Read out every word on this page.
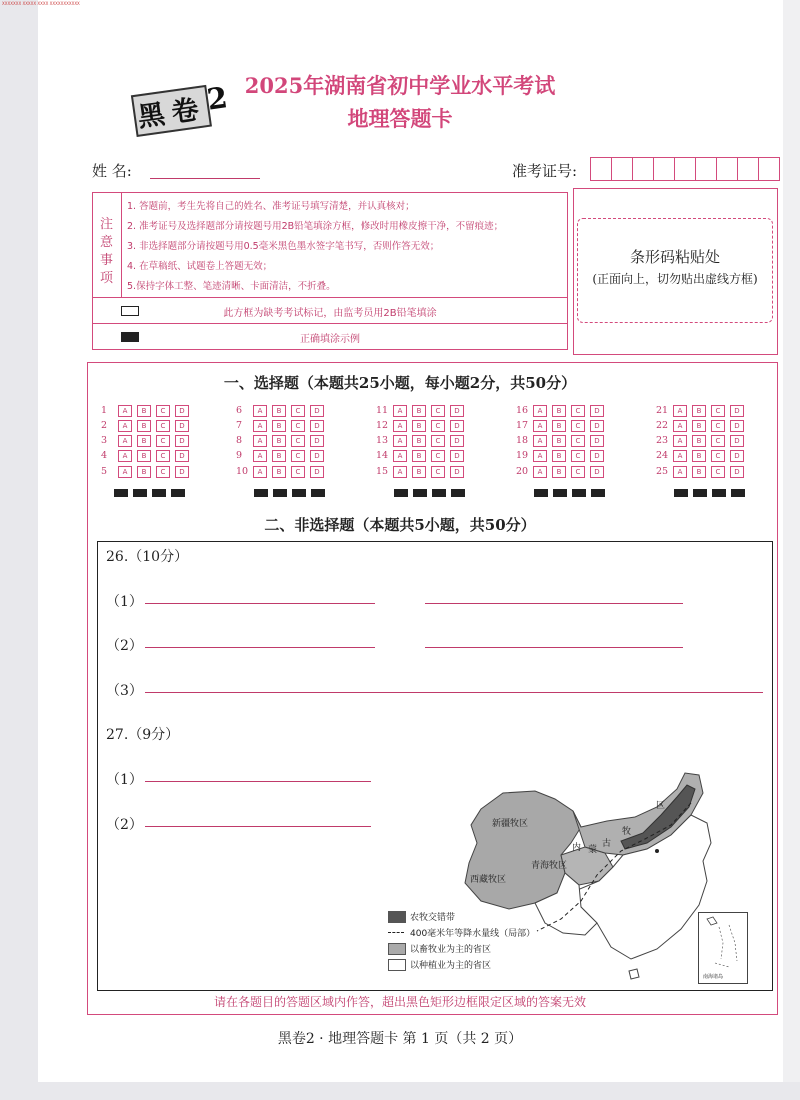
XXXXXXX XXXXX XXXX XXXXXXXXXXX
黑 卷 2 2025年湖南省初中学业水平考试
地理答题卡
姓 名:	准考证号:
注
意
事
项
1. 答题前，考生先将自己的姓名、准考证号填写清楚，并认真核对；
2. 准考证号及选择题部分请按题号用2B铅笔填涂方框，修改时用橡皮擦干净，不留痕迹；
3. 非选择题部分请按题号用0.5毫米黑色墨水签字笔书写，否则作答无效；
4. 在草稿纸、试题卷上答题无效；
5.保持字体工整、笔迹清晰、卡面清洁，不折叠。
此方框为缺考考试标记，由监考员用2B铅笔填涂
正确填涂示例
条形码粘贴处
(正面向上，切勿贴出虚线方框)
一、选择题（本题共25小题，每小题2分，共50分）
1	A	B	C	D
2	A	B	C	D
3	A	B	C	D
4	A	B	C	D
5	A	B	C	D
6	A	B	C	D
7	A	B	C	D
8	A	B	C	D
9	A	B	C	D
10	A	B	C	D
11	A	B	C	D
12	A	B	C	D
13	A	B	C	D
14	A	B	C	D
15	A	B	C	D
16	A	B	C	D
17	A	B	C	D
18	A	B	C	D
19	A	B	C	D
20	A	B	C	D
21	A	B	C	D
22	A	B	C	D
23	A	B	C	D
24	A	B	C	D
25	A	B	C	D
二、非选择题（本题共5小题，共50分）
26.（10分）
（1）
（2）
（3）
27.（9分）
（1）
（2）	新疆牧区
内 蒙
古
牧
区
青海牧区
西藏牧区
农牧交错带
400毫米年等降水量线（局部）
以畜牧业为主的省区
以种植业为主的省区
南海诸岛
请在各题目的答题区域内作答，超出黑色矩形边框限定区域的答案无效
黑卷2 · 地理答题卡 第 1 页（共 2 页）
